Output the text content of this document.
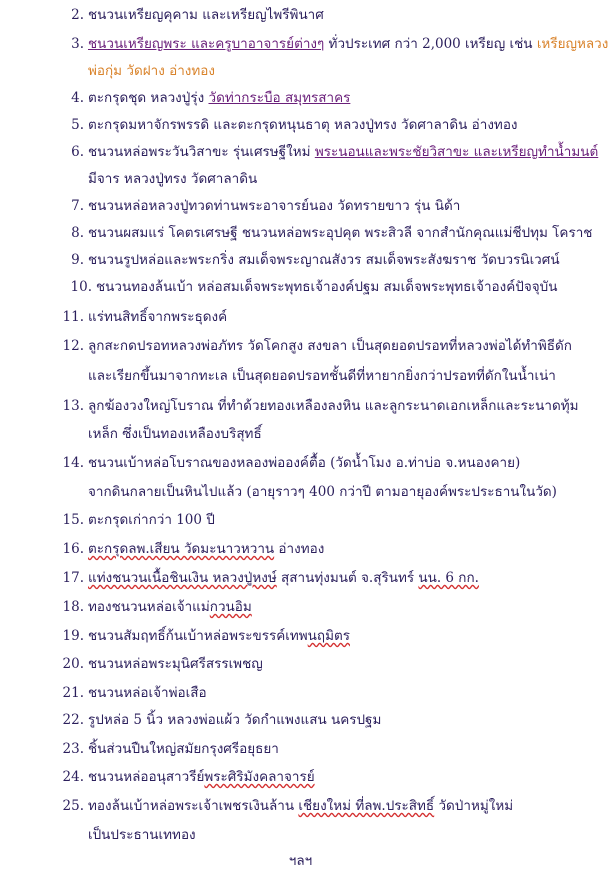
2. ชนวนเหรียญคุคาม และเหรียญไพรีพินาศ
3. ชนวนเหรียญพระ และครูบาอาจารย์ต่างๆ ทั่วประเทศ กว่า 2,000 เหรียญ เช่น เหรียญหลวง
พ่อกุ่ม วัดฝาง อ่างทอง
4. ตะกรุดชุด หลวงปู่รุ่ง วัดท่ากระบือ สมุทรสาคร
5. ตะกรุดมหาจักรพรรดิ และตะกรุดหนุนธาตุ หลวงปู่ทรง วัดศาลาดิน อ่างทอง
6. ชนวนหล่อพระวันวิสาขะ รุ่นเศรษฐีใหม่ พระนอนและพระชัยวิสาขะ และเหรียญทำน้ำมนต์
มีจาร หลวงปู่ทรง วัดศาลาดิน
7. ชนวนหล่อหลวงปู่ทวดท่านพระอาจารย์นอง วัดทรายขาว รุ่น นิด้า
8. ชนวนผสมแร่ โคตรเศรษฐี ชนวนหล่อพระอุปคุต พระสิวลี จากสำนักคุณแม่ชีปทุม โคราช
9. ชนวนรูปหล่อและพระกริ่ง สมเด็จพระญาณสังวร สมเด็จพระสังฆราช วัดบวรนิเวศน์
10. ชนวนทองล้นเบ้า หล่อสมเด็จพระพุทธเจ้าองค์ปฐม สมเด็จพระพุทธเจ้าองค์ปัจจุบัน
11. แร่ทนสิทธิ์จากพระธุดงค์
12. ลูกสะกดปรอทหลวงพ่อภัทร วัดโคกสูง สงขลา เป็นสุดยอดปรอทที่หลวงพ่อได้ทำพิธีดัก
และเรียกขึ้นมาจากทะเล เป็นสุดยอดปรอทชั้นดีที่หายากยิ่งกว่าปรอทที่ดักในน้ำเน่า
13. ลูกฆ้องวงใหญ่โบราณ ที่ทำด้วยทองเหลืองลงหิน และลูกระนาดเอกเหล็กและระนาดทุ้ม
เหล็ก ซึ่งเป็นทองเหลืองบริสุทธิ์
14. ชนวนเบ้าหล่อโบราณของหลองพ่อองค์ตื้อ (วัดน้ำโมง อ.ท่าบ่อ จ.หนองคาย)
จากดินกลายเป็นหินไปแล้ว (อายุราวๆ 400 กว่าปี ตามอายุองค์พระประธานในวัด)
15. ตะกรุดเก่ากว่า 100 ปี
16. ตะกรุดลพ.เสียน วัดมะนาวหวาน อ่างทอง
17. แท่งชนวนเนื้อชินเงิน หลวงปู่หงษ์ สุสานทุ่งมนต์ จ.สุรินทร์ นน. 6 กก.
18. ทองชนวนหล่อเจ้าแม่กวนอิม
19. ชนวนสัมฤทธิ์ก้นเบ้าหล่อพระขรรค์เทพนฤมิตร
20. ชนวนหล่อพระมุนิศรีสรรเพชญ
21. ชนวนหล่อเจ้าพ่อเสือ
22. รูปหล่อ 5 นิ้ว หลวงพ่อแผ้ว วัดกำแพงแสน นครปฐม
23. ชิ้นส่วนปืนใหญ่สมัยกรุงศรีอยุธยา
24. ชนวนหล่ออนุสาวรีย์พระศิริมังคลาจารย์
25. ทองล้นเบ้าหล่อพระเจ้าเพชรเงินล้าน เชียงใหม่ ที่ลพ.ประสิทธิ์ วัดป่าหมู่ใหม่
เป็นประธานเททอง
ฯลฯ
